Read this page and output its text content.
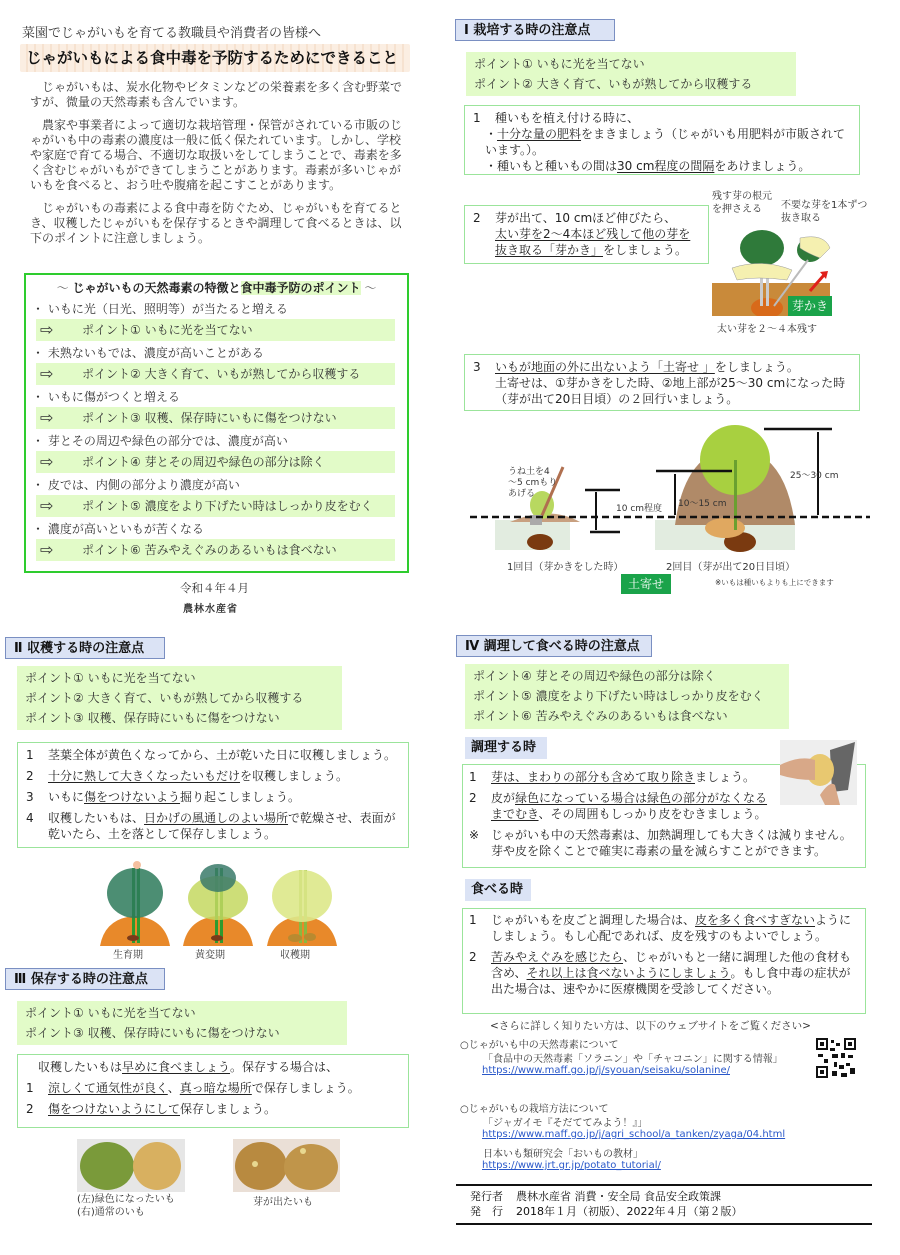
菜園でじゃがいもを育てる教職員や消費者の皆様へ
じゃがいもによる食中毒を予防するためにできること

じゃがいもは、炭水化物やビタミンなどの栄養素を多く含む野菜ですが、微量の天然毒素も含んでいます。

農家や事業者によって適切な栽培管理・保管がされている市販のじゃがいも中の毒素の濃度は一般に低く保たれています。しかし、学校や家庭で育てる場合、不適切な取扱いをしてしまうことで、毒素を多く含むじゃがいもができてしまうことがあります。毒素が多いじゃがいもを食べると、おう吐や腹痛を起こすことがあります。

じゃがいもの毒素による食中毒を防ぐため、じゃがいもを育てるとき、収穫したじゃがいもを保存するときや調理して食べるときは、以下のポイントに注意しましょう。

～ じゃがいもの天然毒素の特徴と食中毒予防のポイント ～
・ いもに光（日光、照明等）が当たると増える
⇨	ポイント① いもに光を当てない
・ 未熟ないもでは、濃度が高いことがある
⇨	ポイント② 大きく育て、いもが熟してから収穫する
・ いもに傷がつくと増える
⇨	ポイント③ 収穫、保存時にいもに傷をつけない
・ 芽とその周辺や緑色の部分では、濃度が高い
⇨	ポイント④ 芽とその周辺や緑色の部分は除く
・ 皮では、内側の部分より濃度が高い
⇨	ポイント⑤ 濃度をより下げたい時はしっかり皮をむく
・ 濃度が高いといもが苦くなる
⇨	ポイント⑥ 苦みやえぐみのあるいもは食べない
令和４年４月
農林水産省
Ⅱ 収穫する時の注意点
ポイント① いもに光を当てない
ポイント② 大きく育て、いもが熟してから収穫する
ポイント③ 収穫、保存時にいもに傷をつけない
1	茎葉全体が黄色くなってから、土が乾いた日に収穫しましょう。
2	十分に熟して大きくなったいもだけを収穫しましょう。
3	いもに傷をつけないよう掘り起こしましょう。
4	収穫したいもは、日かげの風通しのよい場所で乾燥させ、表面が乾いたら、土を落として保存しましょう。
生育期	黄変期	収穫期
Ⅲ 保存する時の注意点
ポイント① いもに光を当てない
ポイント③ 収穫、保存時にいもに傷をつけない
収穫したいもは 早めに食べましょう 。保存する場合は、
1	涼しくて通気性が良く、真っ暗な場所で保存しましょう。
2	傷をつけないようにして保存しましょう。
(左)緑色になったいも
(右)通常のいも
芽が出たいも
Ⅰ 栽培する時の注意点
ポイント① いもに光を当てない
ポイント② 大きく育て、いもが熟してから収穫する
1	種いもを植え付ける時に、
・十分な量の肥料をまきましょう（じゃがいも用肥料が市販されています。）。
・種いもと種いもの間は30 cm程度の間隔をあけましょう。
2	芽が出て、10 cmほど伸びたら、
太い芽を2～4本ほど残して他の芽を抜き取る「芽かき」をしましょう。
残す芽の根元を押さえる	不要な芽を1本ずつ抜き取る
芽かき
太い芽を２～４本残す
3	いもが地面の外に出ないよう「土寄せ 」をしましょう。
土寄せは、①芽かきをした時、②地上部が25～30 cmになった時（芽が出て20日目頃）の２回行いましょう。
うね土を4～5 cmもりあげる
10 cm程度 10～15 cm
25～30 cm
1回目（芽かきをした時）	2回目（芽が出て20日目頃）
土寄せ	※いもは種いもよりも上にできます
Ⅳ 調理して食べる時の注意点
ポイント④ 芽とその周辺や緑色の部分は除く
ポイント⑤ 濃度をより下げたい時はしっかり皮をむく
ポイント⑥ 苦みやえぐみのあるいもは食べない
調理する時
1	芽は、まわりの部分も含めて取り除きましょう。
2	皮が緑色になっている場合は緑色の部分がなくなるまでむき、その周囲もしっかり皮をむきましょう。
※ じゃがいも中の天然毒素は、加熱調理しても大きくは減りません。芽や皮を除くことで確実に毒素の量を減らすことができます。
食べる時
1	じゃがいもを皮ごと調理した場合は、皮を多く食べすぎないようにしましょう。もし心配であれば、皮を残すのもよいでしょう。
2	苦みやえぐみを感じたら、じゃがいもと一緒に調理した他の食材も含め、それ以上は食べないようにしましょう。もし食中毒の症状が出た場合は、速やかに医療機関を受診してください。
<さらに詳しく知りたい方は、以下のウェブサイトをご覧ください>
○じゃがいも中の天然毒素について
「食品中の天然毒素「ソラニン」や「チャコニン」に関する情報」
https://www.maff.go.jp/j/syouan/seisaku/solanine/
○じゃがいもの栽培方法について
「ジャガイモ『そだててみよう！』」
https://www.maff.go.jp/j/agri_school/a_tanken/zyaga/04.html
日本いも類研究会「おいもの教材」
https://www.jrt.gr.jp/potato_tutorial/
発行者 農林水産省 消費・安全局 食品安全政策課
発　行 2018年１月（初版）、2022年４月（第２版）
